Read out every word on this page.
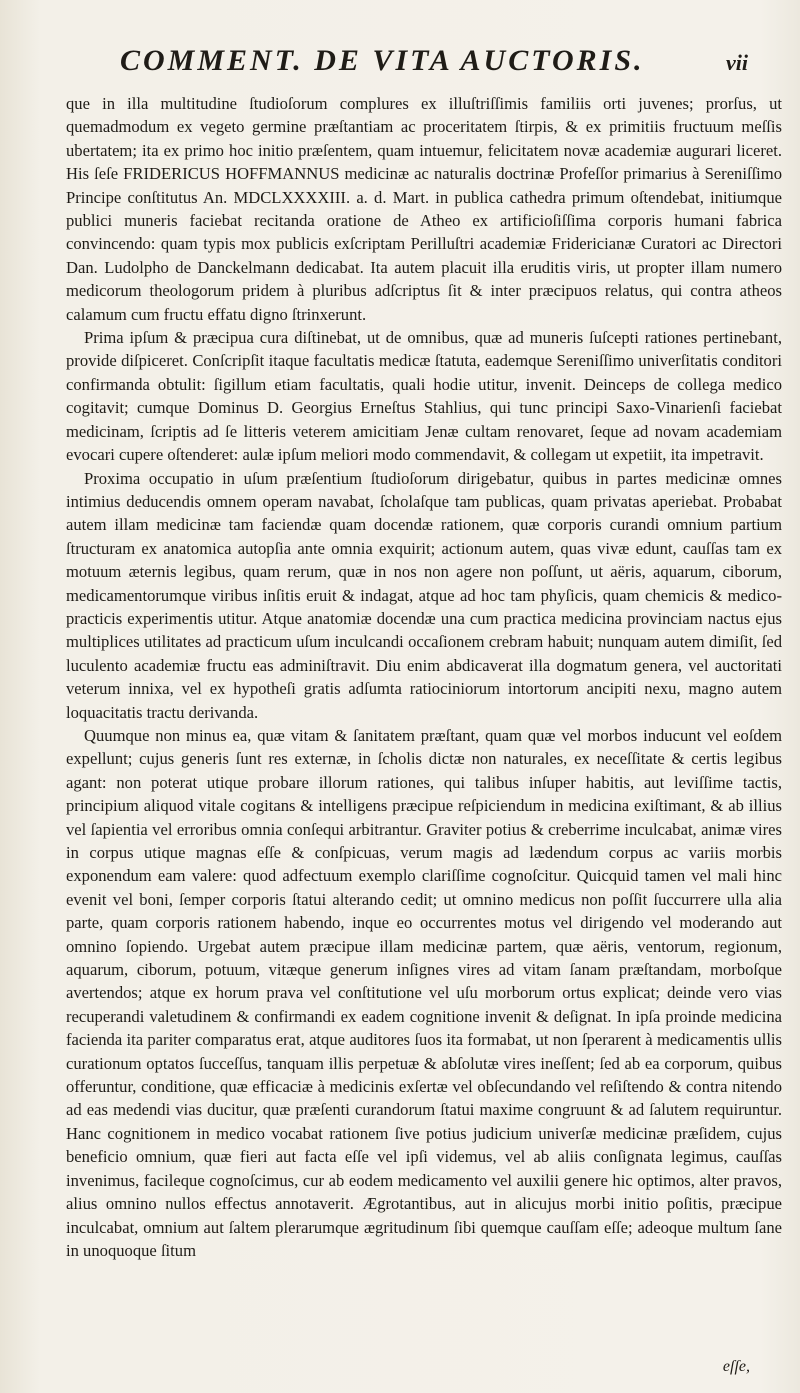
COMMENT. DE VITA AUCTORIS.	vii

que in illa multitudine ſtudioſorum complures ex illuſtriſſimis familiis orti juvenes; prorſus, ut quemadmodum ex vegeto germine præſtantiam ac proceritatem ſtirpis, & ex primitiis fructuum meſſis ubertatem; ita ex primo hoc initio præſentem, quam intuemur, felicitatem novæ academiæ augurari liceret. His ſeſe FRIDERICUS HOFFMANNUS medicinæ ac naturalis doctrinæ Profeſſor primarius à Sereniſſimo Principe conſtitutus An. MDCLXXXXIII. a. d. Mart. in publica cathedra primum oſtendebat, initiumque publici muneris faciebat recitanda oratione de Atheo ex artificioſiſſima corporis humani fabrica convincendo: quam typis mox publicis exſcriptam Perilluſtri academiæ Fridericianæ Curatori ac Directori Dan. Ludolpho de Danckelmann dedicabat. Ita autem placuit illa eruditis viris, ut propter illam numero medicorum theologorum pridem à pluribus adſcriptus ſit & inter præcipuos relatus, qui contra atheos calamum cum fructu effatu digno ſtrinxerunt.

Prima ipſum & præcipua cura diſtinebat, ut de omnibus, quæ ad muneris ſuſcepti rationes pertinebant, provide diſpiceret. Conſcripſit itaque facultatis medicæ ſtatuta, eademque Sereniſſimo univerſitatis conditori confirmanda obtulit: ſigillum etiam facultatis, quali hodie utitur, invenit. Deinceps de collega medico cogitavit; cumque Dominus D. Georgius Erneſtus Stahlius, qui tunc principi Saxo-Vinarienſi faciebat medicinam, ſcriptis ad ſe litteris veterem amicitiam Jenæ cultam renovaret, ſeque ad novam academiam evocari cupere oſtenderet: aulæ ipſum meliori modo commendavit, & collegam ut expetiit, ita impetravit.

Proxima occupatio in uſum præſentium ſtudioſorum dirigebatur, quibus in partes medicinæ omnes intimius deducendis omnem operam navabat, ſcholaſque tam publicas, quam privatas aperiebat. Probabat autem illam medicinæ tam faciendæ quam docendæ rationem, quæ corporis curandi omnium partium ſtructuram ex anatomica autopſia ante omnia exquirit; actionum autem, quas vivæ edunt, cauſſas tam ex motuum æternis legibus, quam rerum, quæ in nos non agere non poſſunt, ut aëris, aquarum, ciborum, medicamentorumque viribus inſitis eruit & indagat, atque ad hoc tam phyſicis, quam chemicis & medico-practicis experimentis utitur. Atque anatomiæ docendæ una cum practica medicina provinciam nactus ejus multiplices utilitates ad practicum uſum inculcandi occaſionem crebram habuit; nunquam autem dimiſit, ſed luculento academiæ fructu eas adminiſtravit. Diu enim abdicaverat illa dogmatum genera, vel auctoritati veterum innixa, vel ex hypotheſi gratis adſumta ratiociniorum intortorum ancipiti nexu, magno autem loquacitatis tractu derivanda.

Quumque non minus ea, quæ vitam & ſanitatem præſtant, quam quæ vel morbos inducunt vel eoſdem expellunt; cujus generis ſunt res externæ, in ſcholis dictæ non naturales, ex neceſſitate & certis legibus agant: non poterat utique probare illorum rationes, qui talibus inſuper habitis, aut leviſſime tactis, principium aliquod vitale cogitans & intelligens præcipue reſpiciendum in medicina exiſtimant, & ab illius vel ſapientia vel erroribus omnia conſequi arbitrantur. Graviter potius & creberrime inculcabat, animæ vires in corpus utique magnas eſſe & conſpicuas, verum magis ad lædendum corpus ac variis morbis exponendum eam valere: quod adfectuum exemplo clariſſime cognoſcitur. Quicquid tamen vel mali hinc evenit vel boni, ſemper corporis ſtatui alterando cedit; ut omnino medicus non poſſit ſuccurrere ulla alia parte, quam corporis rationem habendo, inque eo occurrentes motus vel dirigendo vel moderando aut omnino ſopiendo. Urgebat autem præcipue illam medicinæ partem, quæ aëris, ventorum, regionum, aquarum, ciborum, potuum, vitæque generum inſignes vires ad vitam ſanam præſtandam, morboſque avertendos; atque ex horum prava vel conſtitutione vel uſu morborum ortus explicat; deinde vero vias recuperandi valetudinem & confirmandi ex eadem cognitione invenit & deſignat. In ipſa proinde medicina facienda ita pariter comparatus erat, atque auditores ſuos ita formabat, ut non ſperarent à medicamentis ullis curationum optatos ſucceſſus, tanquam illis perpetuæ & abſolutæ vires ineſſent; ſed ab ea corporum, quibus offeruntur, conditione, quæ efficaciæ à medicinis exſertæ vel obſecundando vel reſiſtendo & contra nitendo ad eas medendi vias ducitur, quæ præſenti curandorum ſtatui maxime congruunt & ad ſalutem requiruntur. Hanc cognitionem in medico vocabat rationem ſive potius judicium univerſæ medicinæ præſidem, cujus beneficio omnium, quæ fieri aut facta eſſe vel ipſi videmus, vel ab aliis conſignata legimus, cauſſas invenimus, facileque cognoſcimus, cur ab eodem medicamento vel auxilii genere hic optimos, alter pravos, alius omnino nullos effectus annotaverit. Ægrotantibus, aut in alicujus morbi initio poſitis, præcipue inculcabat, omnium aut ſaltem plerarumque ægritudinum ſibi quemque cauſſam eſſe; adeoque multum ſane in unoquoque ſitum

eſſe,
